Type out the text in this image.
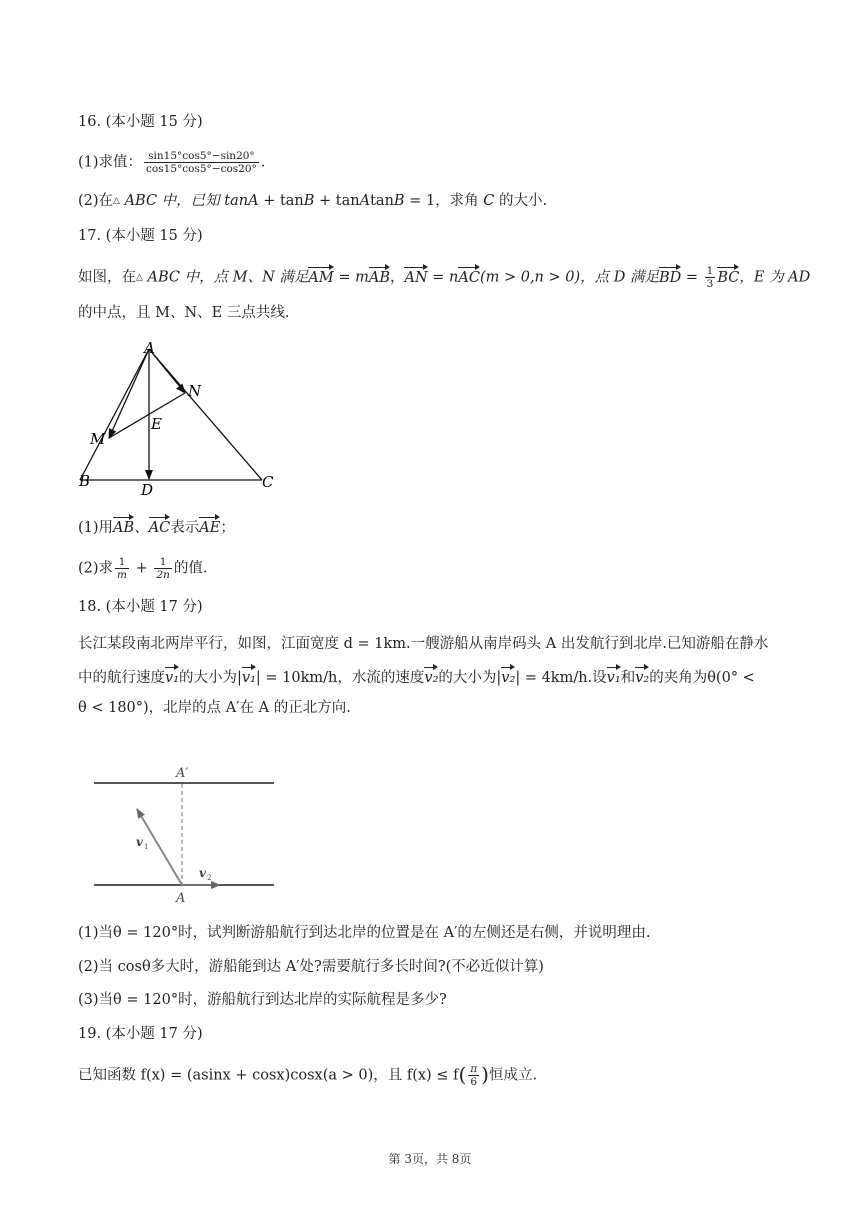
16. (本小题 15 分)
(1)求值： $\frac{\sin 15^\circ\cos 5^\circ-\sin 20^\circ}{\cos 15^\circ\cos 5^\circ-\cos 20^\circ}$ .
(2)在△ ABC 中，已知 tanA + tanB + tanAtanB = 1，求角 C 的大小.
17. (本小题 15 分)
如图，在△ ABC 中，点 M、N 满足AM = mAB，AN = nAC(m > 0,n > 0)，点 D 满足BD = $\frac{1}{3}$ BC，E 为 AD
的中点，且 M、N、E 三点共线.
A
N
E
M
B	D	C
(1)用AB、AC表示AE；
(2)求 $\frac{1}{m} + \frac{1}{2n}$ 的值.
18. (本小题 17 分)
长江某段南北两岸平行，如图，江面宽度 d = 1km.一艘游船从南岸码头 A 出发航行到北岸.已知游船在静水
中的航行速度v₁的大小为|v₁| = 10km/h，水流的速度v₂的大小为|v₂| = 4km/h.设v₁和v₂的夹角为θ(0° <
θ < 180°)，北岸的点 A′在 A 的正北方向.
A′
A
v 1
v 2
(1)当θ = 120°时，试判断游船航行到达北岸的位置是在 A′的左侧还是右侧，并说明理由.
(2)当 cosθ多大时，游船能到达 A′处?需要航行多长时间?(不必近似计算)
(3)当θ = 120°时，游船航行到达北岸的实际航程是多少?
19. (本小题 17 分)
已知函数 f(x) = (asinx + cosx)cosx(a > 0)，且 $f(x) \le f( \frac{\pi}{6}$ )恒成立.
第 3页，共 8页
